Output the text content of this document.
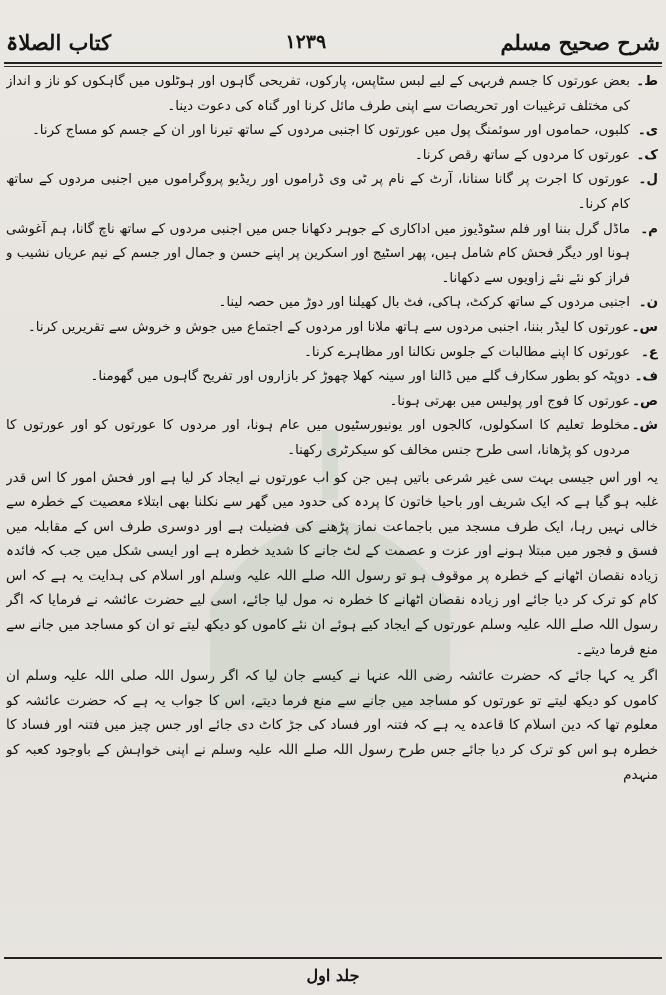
شرح صحیح مسلم
۱۲۳۹
کتاب الصلاۃ
ط۔
بعض عورتوں کا جسم فربہی کے لیے لبس سٹاپس، پارکوں، تفریحی گاہوں اور ہوٹلوں میں گاہکوں کو ناز و انداز کی مختلف ترغیبات اور تحریصات سے اپنی طرف مائل کرنا اور گناہ کی دعوت دینا۔
ی۔
کلبوں، حماموں اور سوئمنگ پول میں عورتوں کا اجنبی مردوں کے ساتھ تیرنا اور ان کے جسم کو مساج کرنا۔
ک۔
عورتوں کا مردوں کے ساتھ رقص کرنا۔
ل۔
عورتوں کا اجرت پر گانا سنانا، آرٹ کے نام پر ٹی وی ڈراموں اور ریڈیو پروگراموں میں اجنبی مردوں کے ساتھ کام کرنا۔
م۔
ماڈل گرل بننا اور فلم سٹوڈیوز میں اداکاری کے جوہر دکھانا جس میں اجنبی مردوں کے ساتھ ناچ گانا، ہم آغوشی ہونا اور دیگر فحش کام شامل ہیں، پھر اسٹیج اور اسکرین پر اپنے حسن و جمال اور جسم کے نیم عریاں نشیب و فراز کو نئے نئے زاویوں سے دکھانا۔
ن۔
اجنبی مردوں کے ساتھ کرکٹ، ہاکی، فٹ بال کھیلنا اور دوڑ میں حصہ لینا۔
س۔
عورتوں کا لیڈر بننا، اجنبی مردوں سے ہاتھ ملانا اور مردوں کے اجتماع میں جوش و خروش سے تقریریں کرنا۔
ع۔
عورتوں کا اپنے مطالبات کے جلوس نکالنا اور مظاہرے کرنا۔
ف۔
دوپٹہ کو بطور سکارف گلے میں ڈالنا اور سینہ کھلا چھوڑ کر بازاروں اور تفریح گاہوں میں گھومنا۔
ص۔
عورتوں کا فوج اور پولیس میں بھرتی ہونا۔
ش۔
مخلوط تعلیم کا اسکولوں، کالجوں اور یونیورسٹیوں میں عام ہونا، اور مردوں کا عورتوں کو اور عورتوں کا مردوں کو پڑھانا، اسی طرح جنس مخالف کو سیکرٹری رکھنا۔

یہ اور اس جیسی بہت سی غیر شرعی باتیں ہیں جن کو اب عورتوں نے ایجاد کر لیا ہے اور فحش امور کا اس قدر غلبہ ہو گیا ہے کہ ایک شریف اور باحیا خاتون کا پردہ کی حدود میں گھر سے نکلنا بھی ابتلاء معصیت کے خطرہ سے خالی نہیں رہا، ایک طرف مسجد میں باجماعت نماز پڑھنے کی فضیلت ہے اور دوسری طرف اس کے مقابلہ میں فسق و فجور میں مبتلا ہونے اور عزت و عصمت کے لٹ جانے کا شدید خطرہ ہے اور ایسی شکل میں جب کہ فائدہ زیادہ نقصان اٹھانے کے خطرہ پر موقوف ہو تو رسول اللہ صلے اللہ علیہ وسلم اور اسلام کی ہدایت یہ ہے کہ اس کام کو ترک کر دیا جائے اور زیادہ نقصان اٹھانے کا خطرہ نہ مول لیا جائے، اسی لیے حضرت عائشہ نے فرمایا کہ اگر رسول اللہ صلے اللہ علیہ وسلم عورتوں کے ایجاد کیے ہوئے ان نئے کاموں کو دیکھ لیتے تو ان کو مساجد میں جانے سے منع فرما دیتے۔

اگر یہ کہا جائے کہ حضرت عائشہ رضی اللہ عنہا نے کیسے جان لیا کہ اگر رسول اللہ صلی اللہ علیہ وسلم ان کاموں کو دیکھ لیتے تو عورتوں کو مساجد میں جانے سے منع فرما دیتے، اس کا جواب یہ ہے کہ حضرت عائشہ کو معلوم تھا کہ دین اسلام کا قاعدہ یہ ہے کہ فتنہ اور فساد کی جڑ کاٹ دی جائے اور جس چیز میں فتنہ اور فساد کا خطرہ ہو اس کو ترک کر دیا جائے جس طرح رسول اللہ صلے اللہ علیہ وسلم نے اپنی خواہش کے باوجود کعبہ کو منہدم

جلد اول
